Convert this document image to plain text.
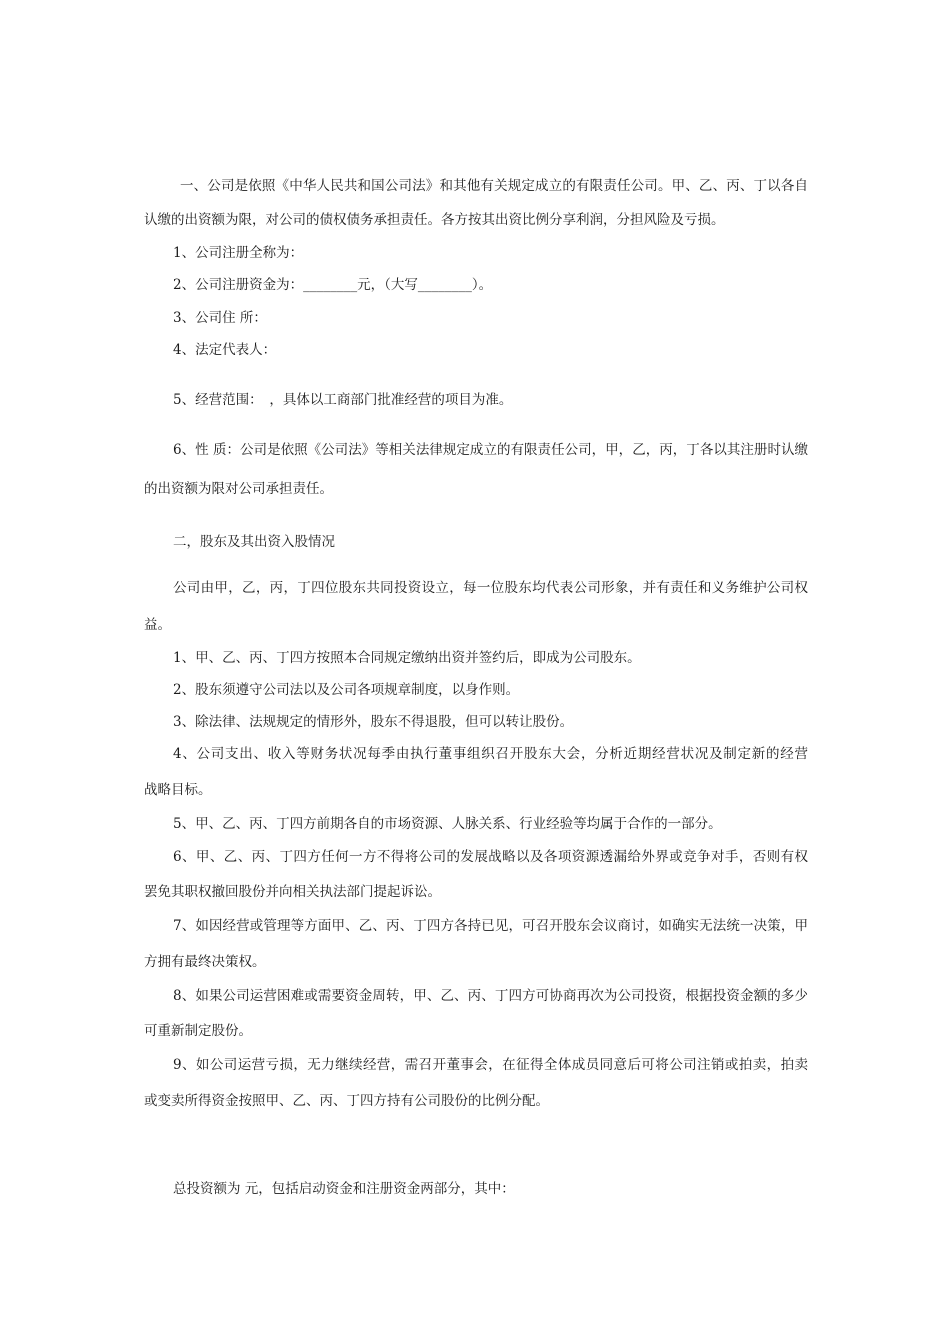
一、公司是依照《中华人民共和国公司法》和其他有关规定成立的有限责任公司。甲、乙、丙、丁以各自
认缴的出资额为限，对公司的债权债务承担责任。各方按其出资比例分享利润，分担风险及亏损。
1、公司注册全称为：
2、公司注册资金为：________元，（大写________）。
3、公司住 所：
4、法定代表人：
5、经营范围：　，具体以工商部门批准经营的项目为准。
6、性 质：公司是依照《公司法》等相关法律规定成立的有限责任公司，甲，乙，丙，丁各以其注册时认缴
的出资额为限对公司承担责任。
二，股东及其出资入股情况
公司由甲，乙，丙，丁四位股东共同投资设立，每一位股东均代表公司形象，并有责任和义务维护公司权
益。
1、甲、乙、丙、丁四方按照本合同规定缴纳出资并签约后，即成为公司股东。
2、股东须遵守公司法以及公司各项规章制度，以身作则。
3、除法律、法规规定的情形外，股东不得退股，但可以转让股份。
4、公司支出、收入等财务状况每季由执行董事组织召开股东大会，分析近期经营状况及制定新的经营
战略目标。
5、甲、乙、丙、丁四方前期各自的市场资源、人脉关系、行业经验等均属于合作的一部分。
6、甲、乙、丙、丁四方任何一方不得将公司的发展战略以及各项资源透漏给外界或竞争对手，否则有权
罢免其职权撤回股份并向相关执法部门提起诉讼。
7、如因经营或管理等方面甲、乙、丙、丁四方各持已见，可召开股东会议商讨，如确实无法统一决策，甲
方拥有最终决策权。
8、如果公司运营困难或需要资金周转，甲、乙、丙、丁四方可协商再次为公司投资，根据投资金额的多少
可重新制定股份。
9、如公司运营亏损，无力继续经营，需召开董事会，在征得全体成员同意后可将公司注销或拍卖，拍卖
或变卖所得资金按照甲、乙、丙、丁四方持有公司股份的比例分配。
总投资额为 元，包括启动资金和注册资金两部分，其中：
